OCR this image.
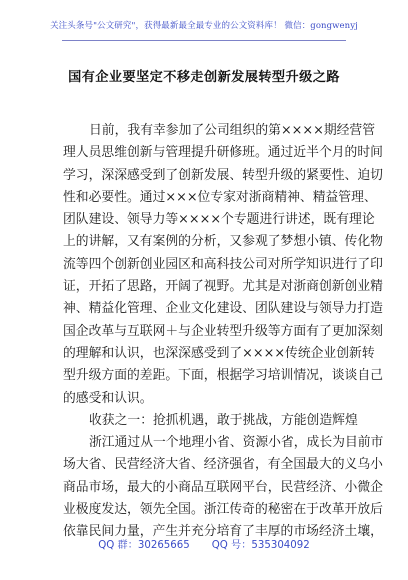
关注头条号"公文研究"，获得最新最全最专业的公文资料库！ 微信：gongwenyj
国有企业要坚定不移走创新发展转型升级之路

日前，我有幸参加了公司组织的第××××期经营管

理人员思维创新与管理提升研修班。通过近半个月的时间

学习，深深感受到了创新发展、转型升级的紧要性、迫切

性和必要性。通过×××位专家对浙商精神、精益管理、

团队建设、领导力等××××个专题进行讲述，既有理论

上的讲解，又有案例的分析，又参观了梦想小镇、传化物

流等四个创新创业园区和高科技公司对所学知识进行了印

证，开拓了思路，开阔了视野。尤其是对浙商创新创业精

神、精益化管理、企业文化建设、团队建设与领导力打造

国企改革与互联网＋与企业转型升级等方面有了更加深刻

的理解和认识，也深深感受到了××××传统企业创新转

型升级方面的差距。下面，根据学习培训情况，谈谈自己

的感受和认识。

收获之一：抢抓机遇，敢于挑战，方能创造辉煌

浙江通过从一个地理小省、资源小省，成长为目前市

场大省、民营经济大省、经济强省，有全国最大的义乌小

商品市场，最大的小商品互联网平台，民营经济、小微企

业极度发达，领先全国。浙江传奇的秘密在于改革开放后

依靠民间力量，产生并充分培育了丰厚的市场经济土壤，

QQ 群：30265665 QQ 号：535304092
